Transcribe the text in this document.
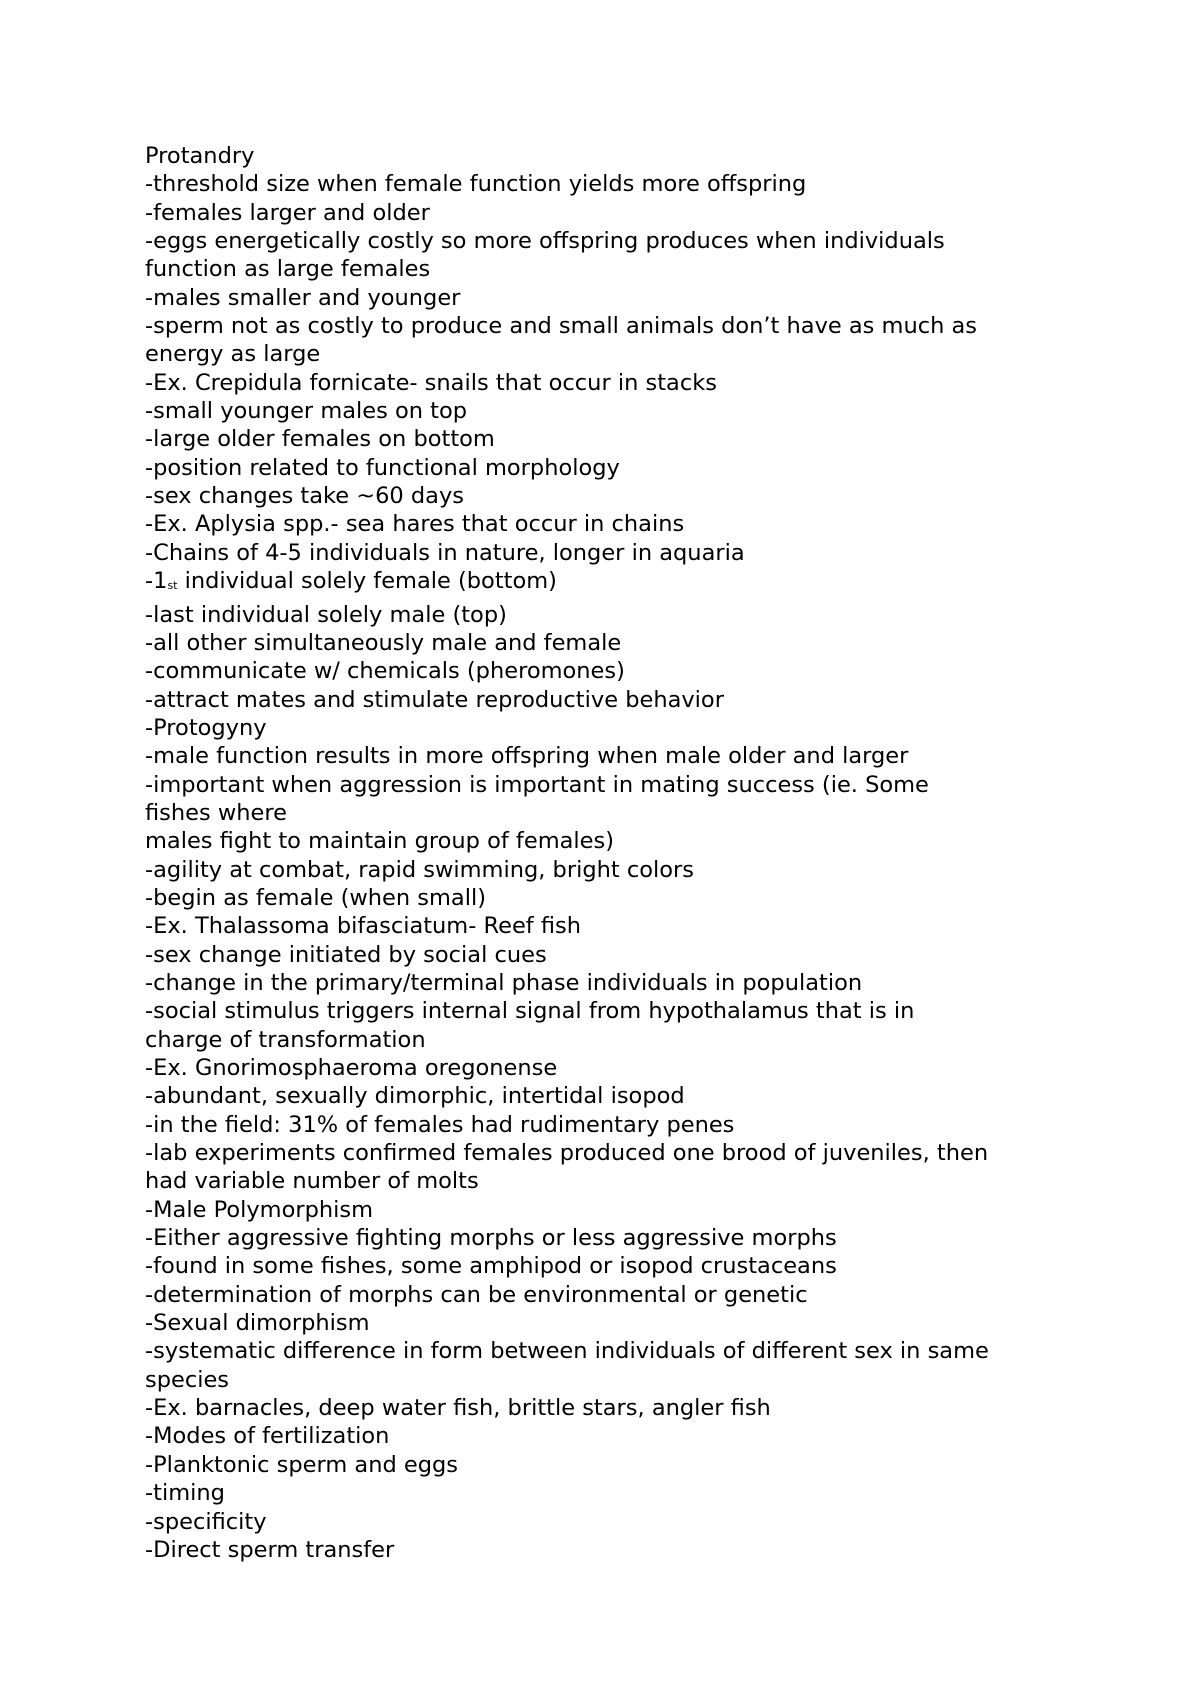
Protandry
-threshold size when female function yields more offspring
-females larger and older
-eggs energetically costly so more offspring produces when individuals
function as large females
-males smaller and younger
-sperm not as costly to produce and small animals don’t have as much as
energy as large
-Ex. Crepidula fornicate- snails that occur in stacks
-small younger males on top
-large older females on bottom
-position related to functional morphology
-sex changes take ~60 days
-Ex. Aplysia spp.- sea hares that occur in chains
-Chains of 4-5 individuals in nature, longer in aquaria
-1st individual solely female (bottom)
-last individual solely male (top)
-all other simultaneously male and female
-communicate w/ chemicals (pheromones)
-attract mates and stimulate reproductive behavior
-Protogyny
-male function results in more offspring when male older and larger
-important when aggression is important in mating success (ie. Some
fishes where
males fight to maintain group of females)
-agility at combat, rapid swimming, bright colors
-begin as female (when small)
-Ex. Thalassoma bifasciatum- Reef fish
-sex change initiated by social cues
-change in the primary/terminal phase individuals in population
-social stimulus triggers internal signal from hypothalamus that is in
charge of transformation
-Ex. Gnorimosphaeroma oregonense
-abundant, sexually dimorphic, intertidal isopod
-in the field: 31% of females had rudimentary penes
-lab experiments confirmed females produced one brood of juveniles, then
had variable number of molts
-Male Polymorphism
-Either aggressive fighting morphs or less aggressive morphs
-found in some fishes, some amphipod or isopod crustaceans
-determination of morphs can be environmental or genetic
-Sexual dimorphism
-systematic difference in form between individuals of different sex in same
species
-Ex. barnacles, deep water fish, brittle stars, angler fish
-Modes of fertilization
-Planktonic sperm and eggs
-timing
-specificity
-Direct sperm transfer
